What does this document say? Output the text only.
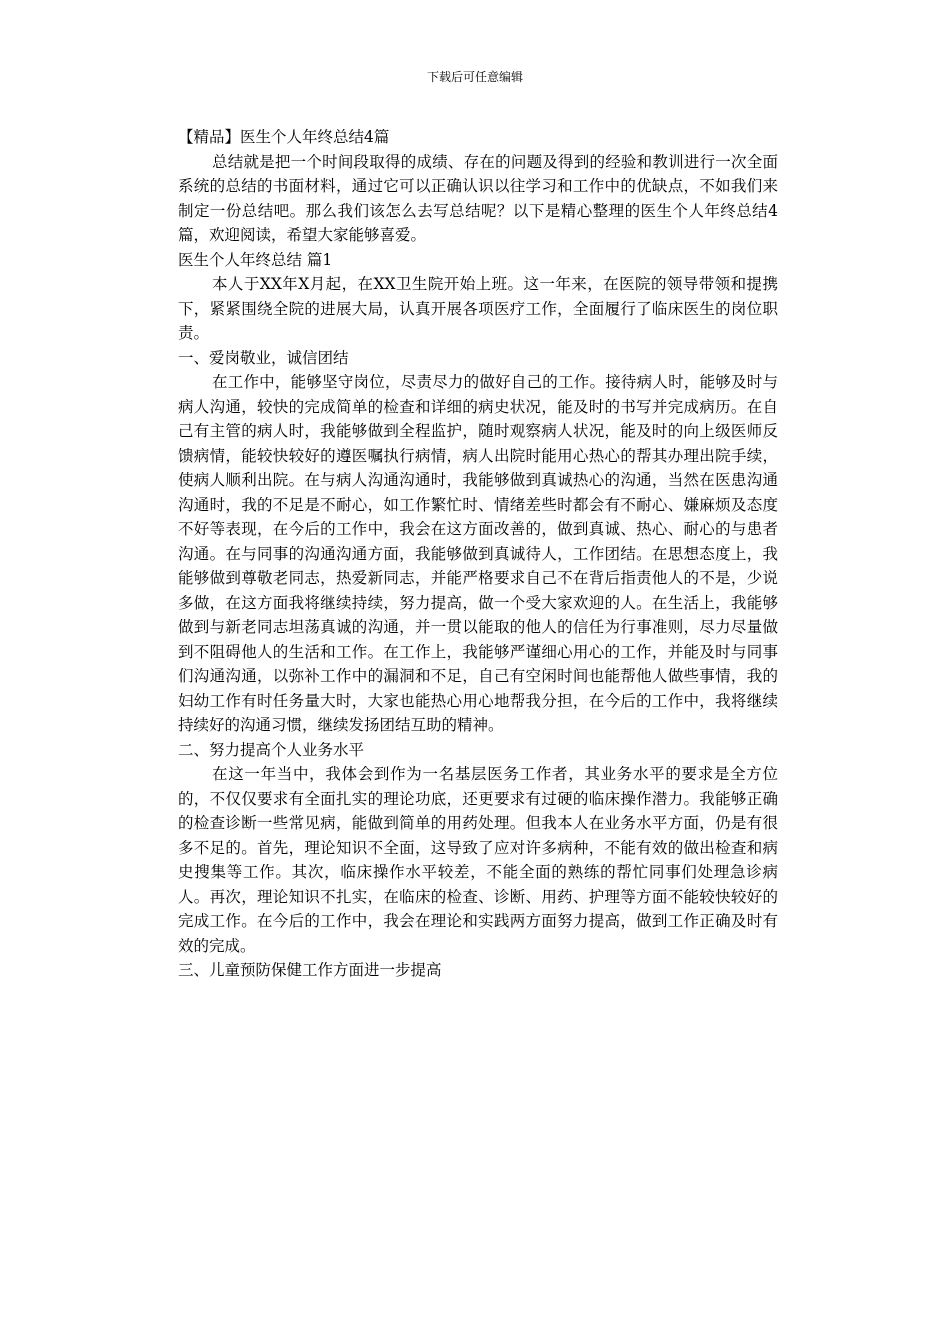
下载后可任意编辑

【精品】医生个人年终总结4篇

总结就是把一个时间段取得的成绩、存在的问题及得到的经验和教训进行一次全面系统的总结的书面材料，通过它可以正确认识以往学习和工作中的优缺点，不如我们来制定一份总结吧。那么我们该怎么去写总结呢？以下是精心整理的医生个人年终总结4篇，欢迎阅读，希望大家能够喜爱。

医生个人年终总结 篇1

本人于XX年X月起，在XX卫生院开始上班。这一年来，在医院的领导带领和提携下，紧紧围绕全院的进展大局，认真开展各项医疗工作，全面履行了临床医生的岗位职责。

一、爱岗敬业，诚信团结

在工作中，能够坚守岗位，尽责尽力的做好自己的工作。接待病人时，能够及时与病人沟通，较快的完成简单的检查和详细的病史状况，能及时的书写并完成病历。在自己有主管的病人时，我能够做到全程监护，随时观察病人状况，能及时的向上级医师反馈病情，能较快较好的遵医嘱执行病情，病人出院时能用心热心的帮其办理出院手续，使病人顺利出院。在与病人沟通沟通时，我能够做到真诚热心的沟通，当然在医患沟通沟通时，我的不足是不耐心，如工作繁忙时、情绪差些时都会有不耐心、嫌麻烦及态度不好等表现，在今后的工作中，我会在这方面改善的，做到真诚、热心、耐心的与患者沟通。在与同事的沟通沟通方面，我能够做到真诚待人，工作团结。在思想态度上，我能够做到尊敬老同志，热爱新同志，并能严格要求自己不在背后指责他人的不是，少说多做，在这方面我将继续持续，努力提高，做一个受大家欢迎的人。在生活上，我能够做到与新老同志坦荡真诚的沟通，并一贯以能取的他人的信任为行事准则，尽力尽量做到不阻碍他人的生活和工作。在工作上，我能够严谨细心用心的工作，并能及时与同事们沟通沟通，以弥补工作中的漏洞和不足，自己有空闲时间也能帮他人做些事情，我的妇幼工作有时任务量大时，大家也能热心用心地帮我分担，在今后的工作中，我将继续持续好的沟通习惯，继续发扬团结互助的精神。

二、努力提高个人业务水平

在这一年当中，我体会到作为一名基层医务工作者，其业务水平的要求是全方位的，不仅仅要求有全面扎实的理论功底，还更要求有过硬的临床操作潜力。我能够正确的检查诊断一些常见病，能做到简单的用药处理。但我本人在业务水平方面，仍是有很多不足的。首先，理论知识不全面，这导致了应对许多病种，不能有效的做出检查和病史搜集等工作。其次，临床操作水平较差，不能全面的熟练的帮忙同事们处理急诊病人。再次，理论知识不扎实，在临床的检查、诊断、用药、护理等方面不能较快较好的完成工作。在今后的工作中，我会在理论和实践两方面努力提高，做到工作正确及时有效的完成。

三、儿童预防保健工作方面进一步提高
